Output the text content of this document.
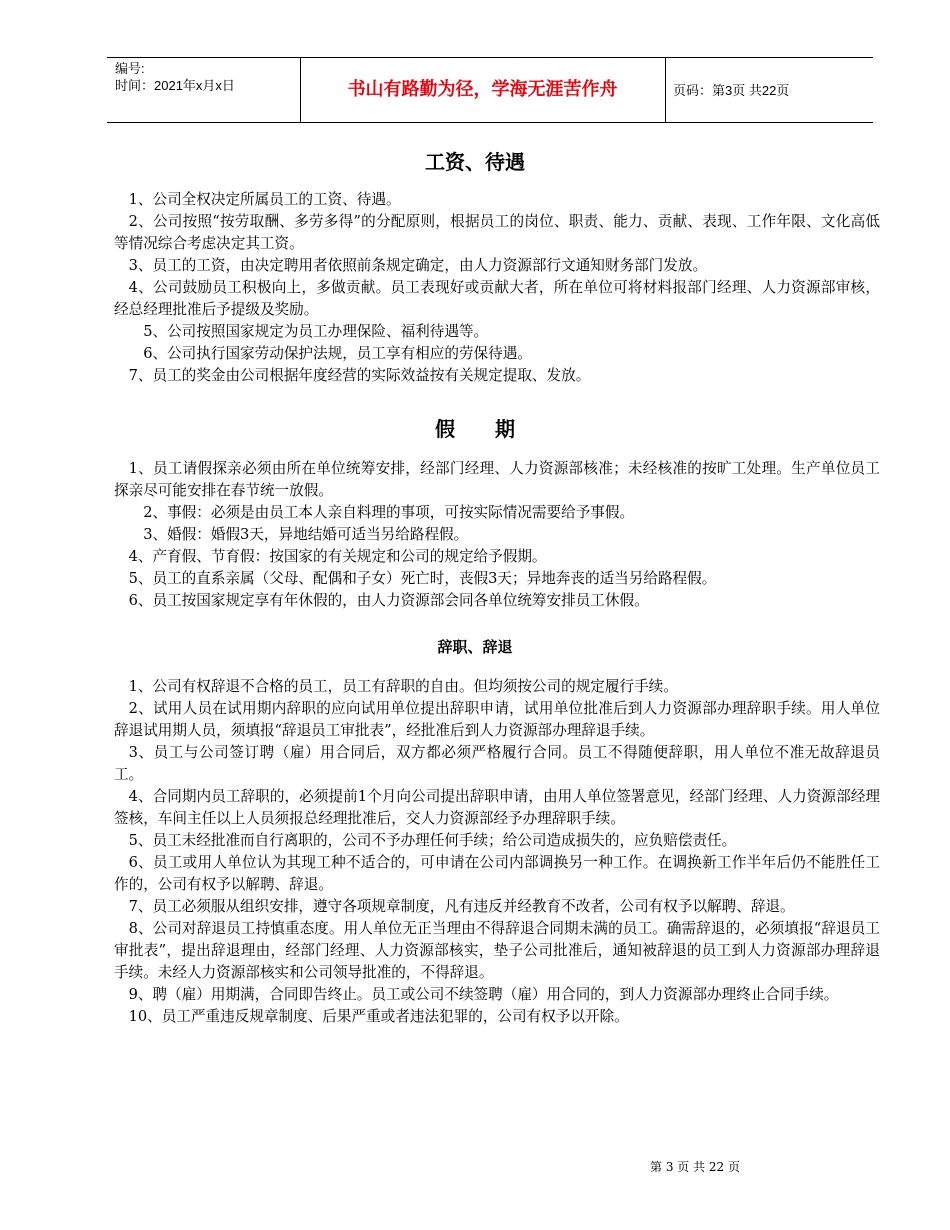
编号:
时间：2021年x月x日	书山有路勤为径，学海无涯苦作舟	页码：第3页 共22页
工资、待遇

1、公司全权决定所属员工的工资、待遇。

2、公司按照“按劳取酬、多劳多得”的分配原则，根据员工的岗位、职责、能力、贡献、表现、工作年限、文化高低等情况综合考虑决定其工资。

3、员工的工资，由决定聘用者依照前条规定确定，由人力资源部行文通知财务部门发放。

4、公司鼓励员工积极向上，多做贡献。员工表现好或贡献大者，所在单位可将材料报部门经理、人力资源部审核，经总经理批准后予提级及奖励。

5、公司按照国家规定为员工办理保险、福利待遇等。

6、公司执行国家劳动保护法规，员工享有相应的劳保待遇。

7、员工的奖金由公司根据年度经营的实际效益按有关规定提取、发放。

假　　期

1、员工请假探亲必须由所在单位统筹安排，经部门经理、人力资源部核准；未经核准的按旷工处理。生产单位员工探亲尽可能安排在春节统一放假。

2、事假：必须是由员工本人亲自料理的事项，可按实际情况需要给予事假。

3、婚假：婚假3天，异地结婚可适当另给路程假。

4、产育假、节育假：按国家的有关规定和公司的规定给予假期。

5、员工的直系亲属（父母、配偶和子女）死亡时，丧假3天；异地奔丧的适当另给路程假。

6、员工按国家规定享有年休假的，由人力资源部会同各单位统筹安排员工休假。

辞职、辞退

1、公司有权辞退不合格的员工，员工有辞职的自由。但均须按公司的规定履行手续。

2、试用人员在试用期内辞职的应向试用单位提出辞职申请，试用单位批准后到人力资源部办理辞职手续。用人单位辞退试用期人员，须填报“辞退员工审批表”，经批准后到人力资源部办理辞退手续。

3、员工与公司签订聘（雇）用合同后，双方都必须严格履行合同。员工不得随便辞职，用人单位不准无故辞退员工。

4、合同期内员工辞职的，必须提前1个月向公司提出辞职申请，由用人单位签署意见，经部门经理、人力资源部经理签核，车间主任以上人员须报总经理批准后，交人力资源部经予办理辞职手续。

5、员工未经批准而自行离职的，公司不予办理任何手续；给公司造成损失的，应负赔偿责任。

6、员工或用人单位认为其现工种不适合的，可申请在公司内部调换另一种工作。在调换新工作半年后仍不能胜任工作的，公司有权予以解聘、辞退。

7、员工必须服从组织安排，遵守各项规章制度，凡有违反并经教育不改者，公司有权予以解聘、辞退。

8、公司对辞退员工持慎重态度。用人单位无正当理由不得辞退合同期未满的员工。确需辞退的，必须填报“辞退员工审批表”，提出辞退理由，经部门经理、人力资源部核实，垫子公司批准后，通知被辞退的员工到人力资源部办理辞退手续。未经人力资源部核实和公司领导批准的，不得辞退。

9、聘（雇）用期满，合同即告终止。员工或公司不续签聘（雇）用合同的，到人力资源部办理终止合同手续。

10、员工严重违反规章制度、后果严重或者违法犯罪的，公司有权予以开除。

第 3 页 共 22 页
